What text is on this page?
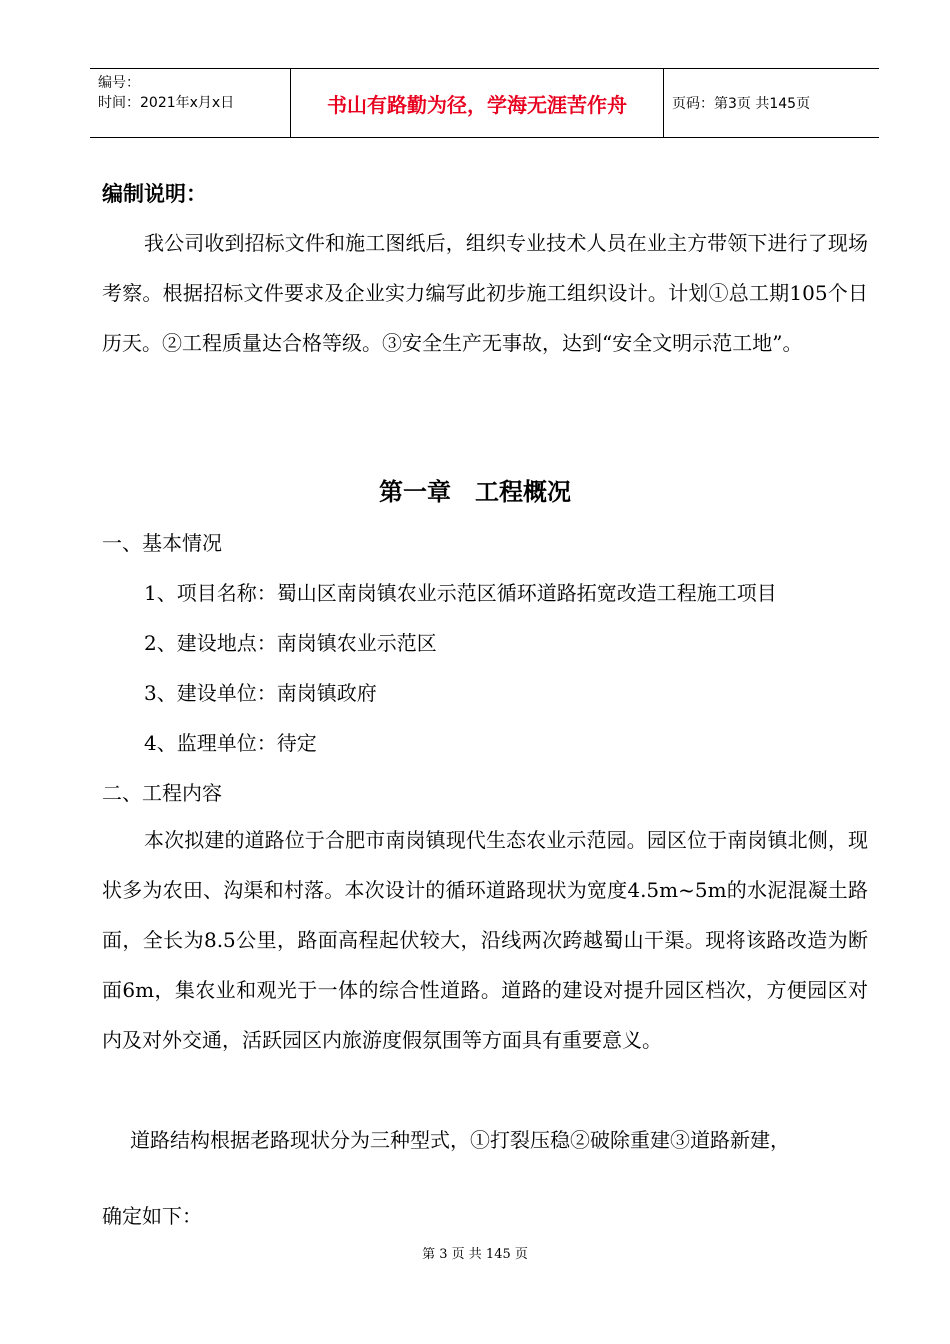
编号：
时间：2021年x月x日	书山有路勤为径，学海无涯苦作舟	页码：第3页 共145页
编制说明：
我公司收到招标文件和施工图纸后，组织专业技术人员在业主方带领下进行了现场考察。根据招标文件要求及企业实力编写此初步施工组织设计。计划①总工期105个日历天。②工程质量达合格等级。③安全生产无事故，达到“安全文明示范工地”。
第一章　工程概况
一、基本情况
1、项目名称：蜀山区南岗镇农业示范区循环道路拓宽改造工程施工项目
2、建设地点：南岗镇农业示范区
3、建设单位：南岗镇政府
4、监理单位：待定
二、工程内容
本次拟建的道路位于合肥市南岗镇现代生态农业示范园。园区位于南岗镇北侧，现状多为农田、沟渠和村落。本次设计的循环道路现状为宽度4.5m~5m的水泥混凝土路面，全长为8.5公里，路面高程起伏较大，沿线两次跨越蜀山干渠。现将该路改造为断面6m，集农业和观光于一体的综合性道路。道路的建设对提升园区档次，方便园区对内及对外交通，活跃园区内旅游度假氛围等方面具有重要意义。
道路结构根据老路现状分为三种型式，①打裂压稳②破除重建③道路新建，
确定如下：
第 3 页 共 145 页
